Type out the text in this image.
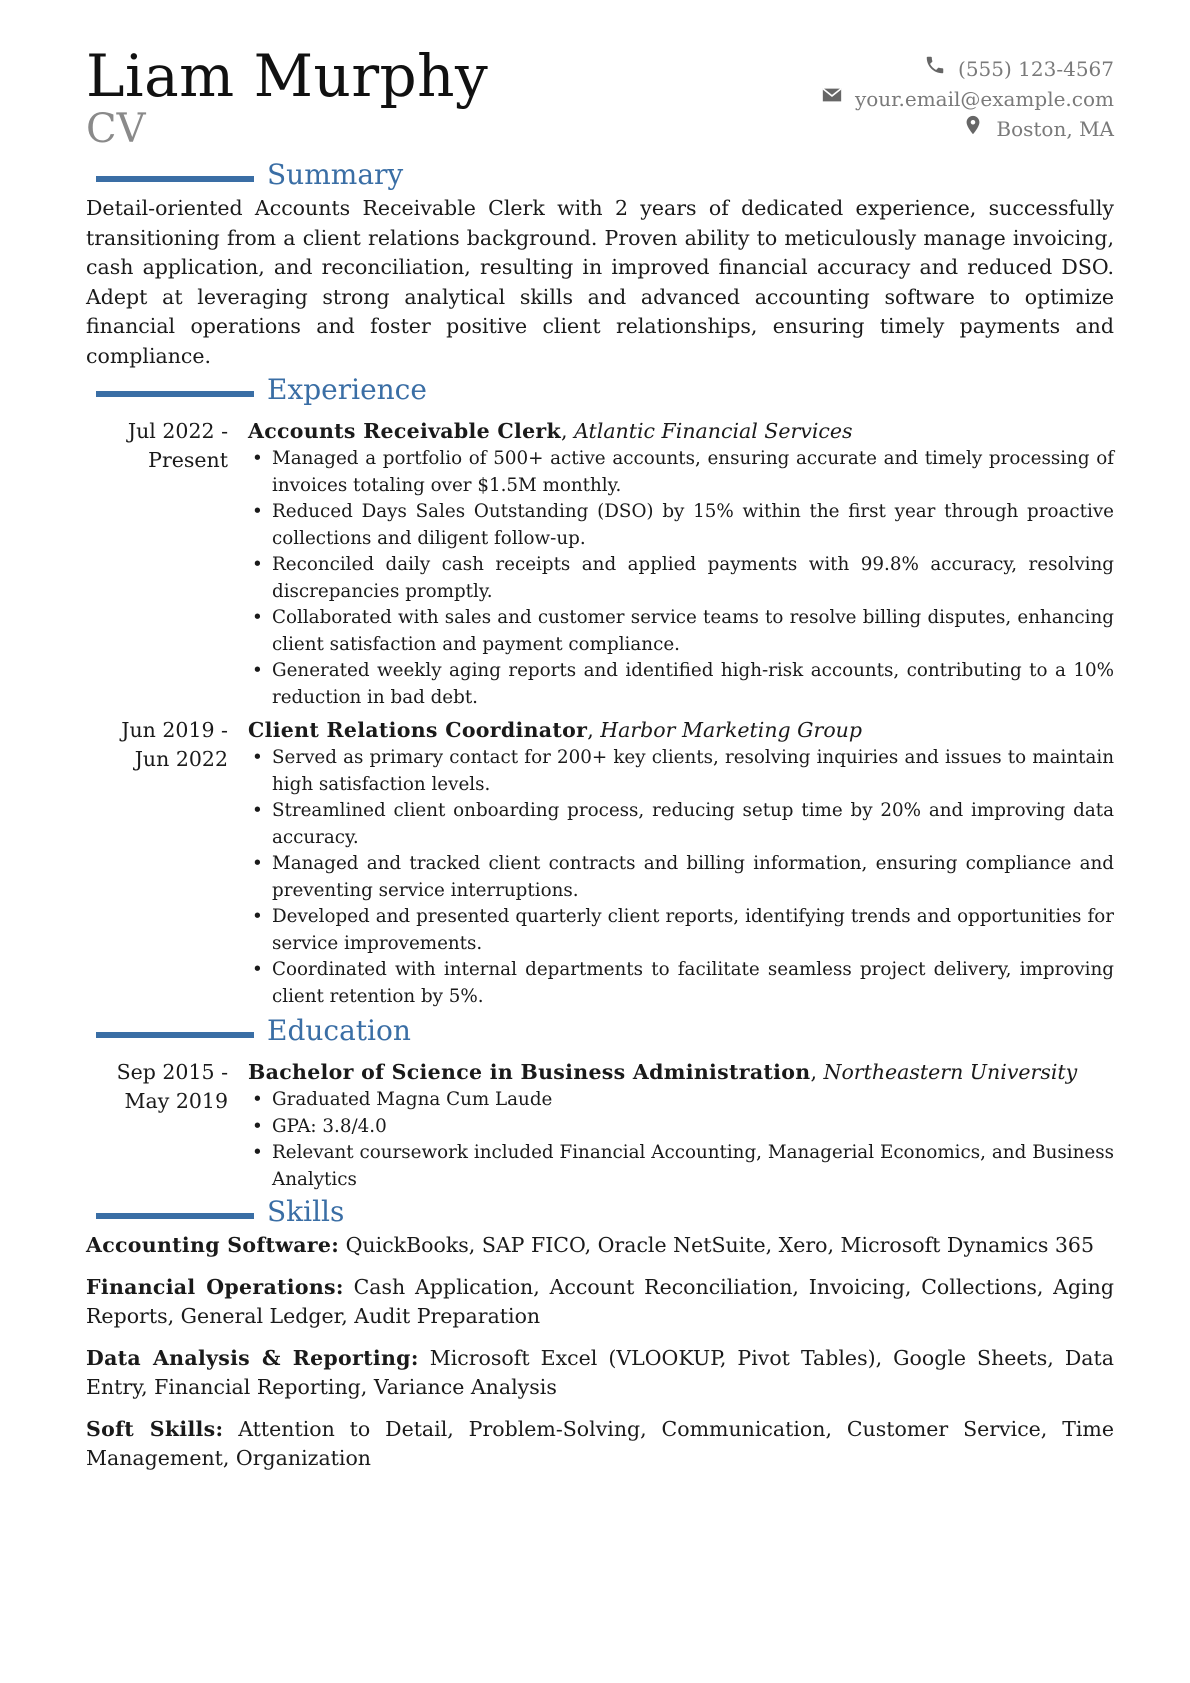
Liam Murphy
CV
(555) 123-4567
your.email@example.com
Boston, MA
Summary
Detail-oriented Accounts Receivable Clerk with 2 years of dedicated experience, successfully transitioning from a client relations background. Proven ability to meticulously manage invoicing, cash application, and reconciliation, resulting in improved financial accuracy and reduced DSO. Adept at leveraging strong analytical skills and advanced accounting software to optimize financial operations and foster positive client relationships, ensuring timely payments and compliance.
Experience
Jul 2022 - Present
Accounts Receivable Clerk, Atlantic Financial Services
• Managed a portfolio of 500+ active accounts, ensuring accurate and timely processing of invoices totaling over $1.5M monthly.
• Reduced Days Sales Outstanding (DSO) by 15% within the first year through proactive collections and diligent follow-up.
• Reconciled daily cash receipts and applied payments with 99.8% accuracy, resolving discrepancies promptly.
• Collaborated with sales and customer service teams to resolve billing disputes, enhancing client satisfaction and payment compliance.
• Generated weekly aging reports and identified high-risk accounts, contributing to a 10% reduction in bad debt.
Jun 2019 - Jun 2022
Client Relations Coordinator, Harbor Marketing Group
• Served as primary contact for 200+ key clients, resolving inquiries and issues to maintain high satisfaction levels.
• Streamlined client onboarding process, reducing setup time by 20% and improving data accuracy.
• Managed and tracked client contracts and billing information, ensuring compliance and preventing service interruptions.
• Developed and presented quarterly client reports, identifying trends and opportunities for service improvements.
• Coordinated with internal departments to facilitate seamless project delivery, improving client retention by 5%.
Education
Sep 2015 - May 2019
Bachelor of Science in Business Administration, Northeastern University
• Graduated Magna Cum Laude
• GPA: 3.8/4.0
• Relevant coursework included Financial Accounting, Managerial Economics, and Business Analytics
Skills
Accounting Software: QuickBooks, SAP FICO, Oracle NetSuite, Xero, Microsoft Dynamics 365
Financial Operations: Cash Application, Account Reconciliation, Invoicing, Collections, Aging Reports, General Ledger, Audit Preparation
Data Analysis & Reporting: Microsoft Excel (VLOOKUP, Pivot Tables), Google Sheets, Data Entry, Financial Reporting, Variance Analysis
Soft Skills: Attention to Detail, Problem-Solving, Communication, Customer Service, Time Management, Organization
